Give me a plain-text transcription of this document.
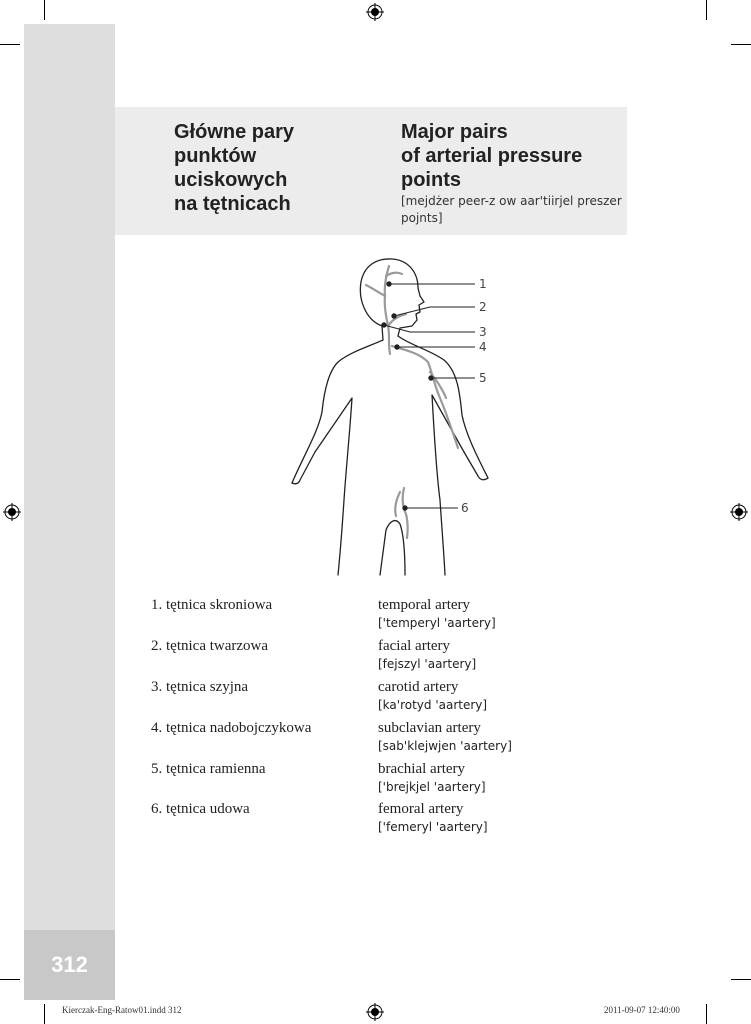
312
Główne pary
punktów
uciskowych
na tętnicach
Major pairs
of arterial pressure
points
[mejdżer peer-z ow aar'tiirjel preszer pojnts]
1
2
3
4
5
6
1. tętnica skroniowa	temporal artery
['temperyl 'aartery]
2. tętnica twarzowa	facial artery
[fejszyl 'aartery]
3. tętnica szyjna	carotid artery
[ka'rotyd 'aartery]
4. tętnica nadobojczykowa	subclavian artery
[sab'klejwjen 'aartery]
5. tętnica ramienna	brachial artery
['brejkjel 'aartery]
6. tętnica udowa	femoral artery
['femeryl 'aartery]
Kierczak-Eng-Ratow01.indd 312	2011-09-07 12:40:00
